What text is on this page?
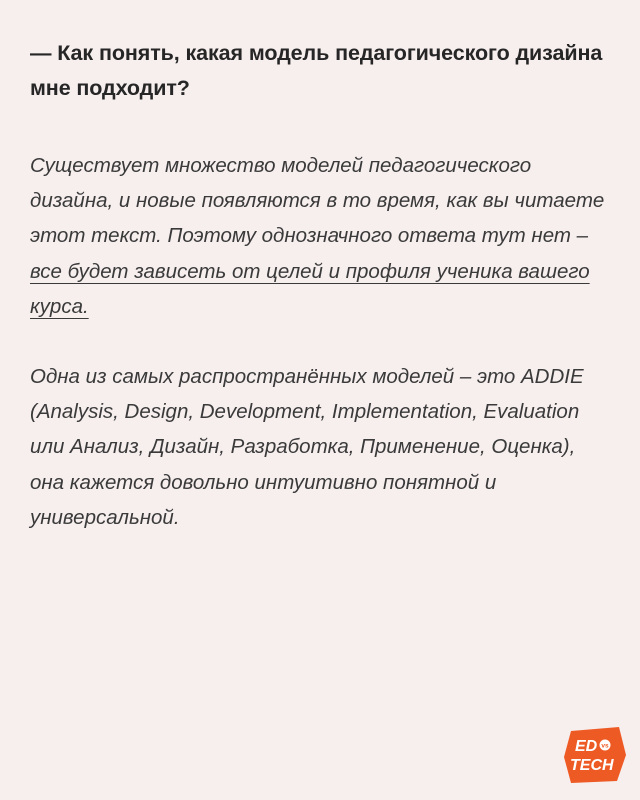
— Как понять, какая модель педагогического дизайна мне подходит?

Существует множество моделей педагогического дизайна, и новые появляются в то время, как вы читаете этот текст. Поэтому однозначного ответа тут нет – все будет зависеть от целей и профиля ученика вашего курса.

Одна из самых распространённых моделей – это ADDIE (Analysis, Design, Development, Implementation, Evaluation или Анализ, Дизайн, Разработка, Применение, Оценка), она кажется довольно интуитивно понятной и универсальной.

ED vs
TECH
